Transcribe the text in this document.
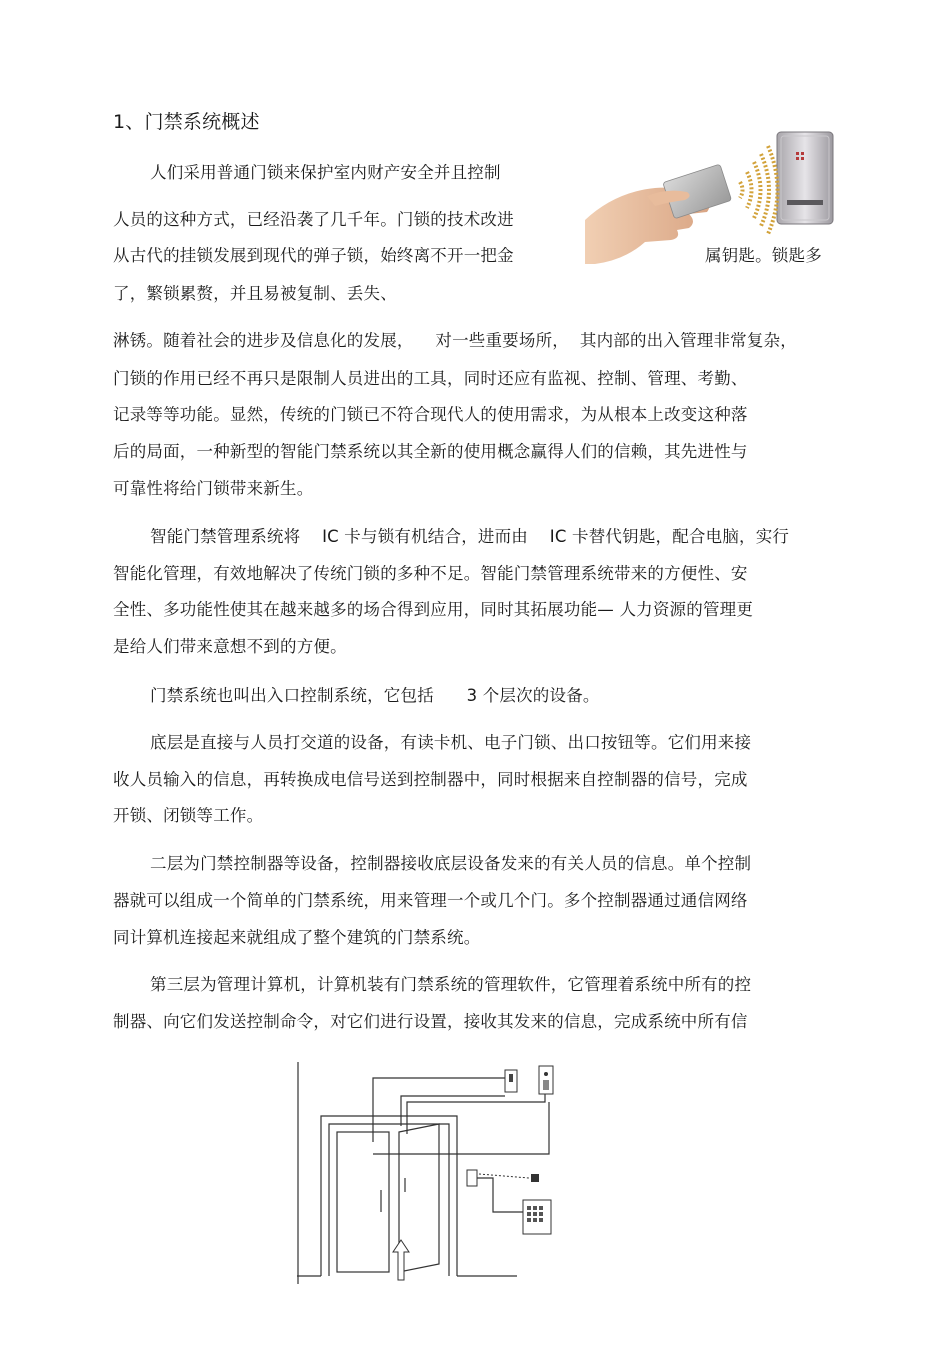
1、门禁系统概述
人们采用普通门锁来保护室内财产安全并且控制
人员的这种方式，已经沿袭了几千年。门锁的技术改进
从古代的挂锁发展到现代的弹子锁，始终离不开一把金	属钥匙。锁匙多
了，繁锁累赘，并且易被复制、丢失、
淋锈。随着社会的进步及信息化的发展，    对一些重要场所，  其内部的出入管理非常复杂，
门锁的作用已经不再只是限制人员进出的工具，同时还应有监视、控制、管理、考勤、
记录等等功能。显然，传统的门锁已不符合现代人的使用需求，为从根本上改变这种落
后的局面，一种新型的智能门禁系统以其全新的使用概念赢得人们的信赖，其先进性与
可靠性将给门锁带来新生。
智能门禁管理系统将    IC 卡与锁有机结合，进而由    IC 卡替代钥匙，配合电脑，实行
智能化管理，有效地解决了传统门锁的多种不足。智能门禁管理系统带来的方便性、安
全性、多功能性使其在越来越多的场合得到应用，同时其拓展功能— 人力资源的管理更
是给人们带来意想不到的方便。
门禁系统也叫出入口控制系统，它包括      3 个层次的设备。
底层是直接与人员打交道的设备，有读卡机、电子门锁、出口按钮等。它们用来接
收人员输入的信息，再转换成电信号送到控制器中，同时根据来自控制器的信号，完成
开锁、闭锁等工作。
二层为门禁控制器等设备，控制器接收底层设备发来的有关人员的信息。单个控制
器就可以组成一个简单的门禁系统，用来管理一个或几个门。多个控制器通过通信网络
同计算机连接起来就组成了整个建筑的门禁系统。
第三层为管理计算机，计算机装有门禁系统的管理软件，它管理着系统中所有的控
制器、向它们发送控制命令，对它们进行设置，接收其发来的信息，完成系统中所有信
